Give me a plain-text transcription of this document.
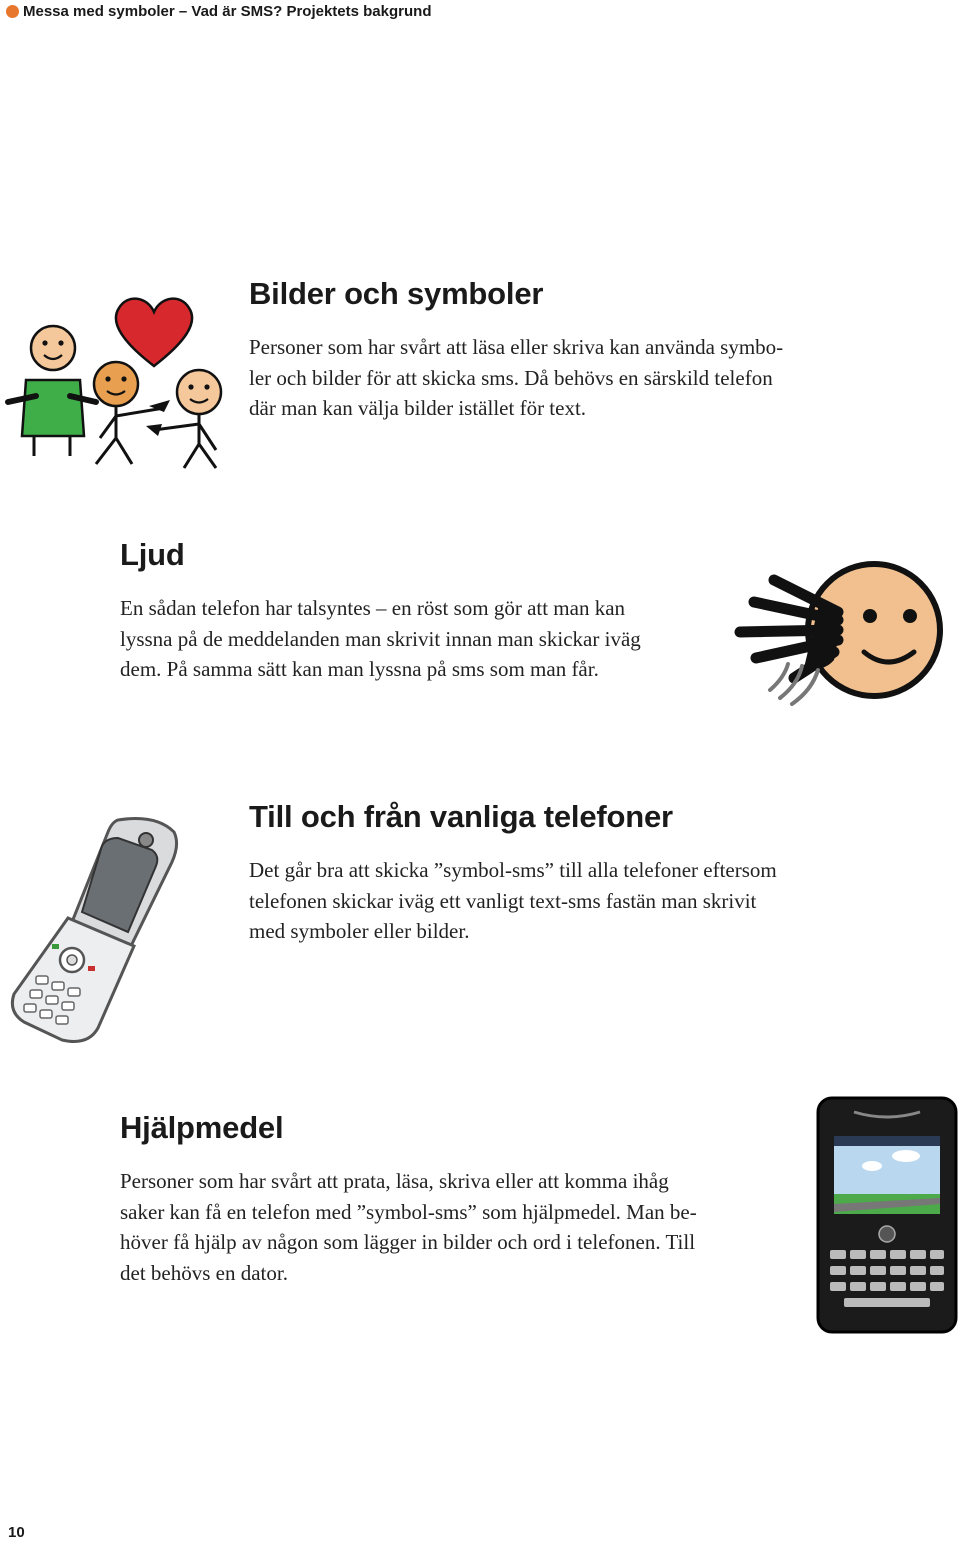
Messa med symboler – Vad är SMS? Projektets bakgrund
Bilder och symboler

Personer som har svårt att läsa eller skriva kan använda symbo-
ler och bilder för att skicka sms. Då behövs en särskild telefon
där man kan välja bilder istället för text.

Ljud

En sådan telefon har talsyntes – en röst som gör att man kan
lyssna på de meddelanden man skrivit innan man skickar iväg
dem. På samma sätt kan man lyssna på sms som man får.

Till och från vanliga telefoner

Det går bra att skicka ”symbol-sms” till alla telefoner eftersom
telefonen skickar iväg ett vanligt text-sms fastän man skrivit
med symboler eller bilder.

Hjälpmedel

Personer som har svårt att prata, läsa, skriva eller att komma ihåg
saker kan få en telefon med ”symbol-sms” som hjälpmedel. Man be-
höver få hjälp av någon som lägger in bilder och ord i telefonen. Till
det behövs en dator.

10
